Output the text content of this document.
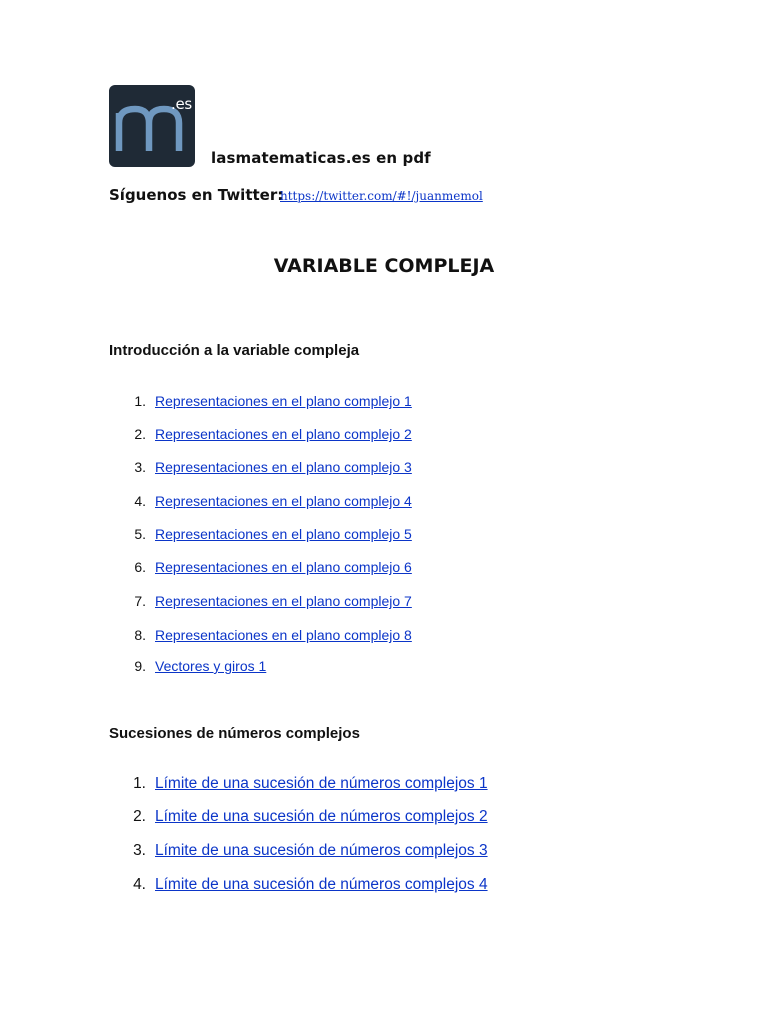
.es
lasmatematicas.es en pdf
Síguenos en Twitter:
https://twitter.com/#!/juanmemol
VARIABLE COMPLEJA
Introducción a la variable compleja
1. Representaciones en el plano complejo 1
2. Representaciones en el plano complejo 2
3. Representaciones en el plano complejo 3
4. Representaciones en el plano complejo 4
5. Representaciones en el plano complejo 5
6. Representaciones en el plano complejo 6
7. Representaciones en el plano complejo 7
8. Representaciones en el plano complejo 8
9. Vectores y giros 1
Sucesiones de números complejos
1. Límite de una sucesión de números complejos 1
2. Límite de una sucesión de números complejos 2
3. Límite de una sucesión de números complejos 3
4. Límite de una sucesión de números complejos 4
